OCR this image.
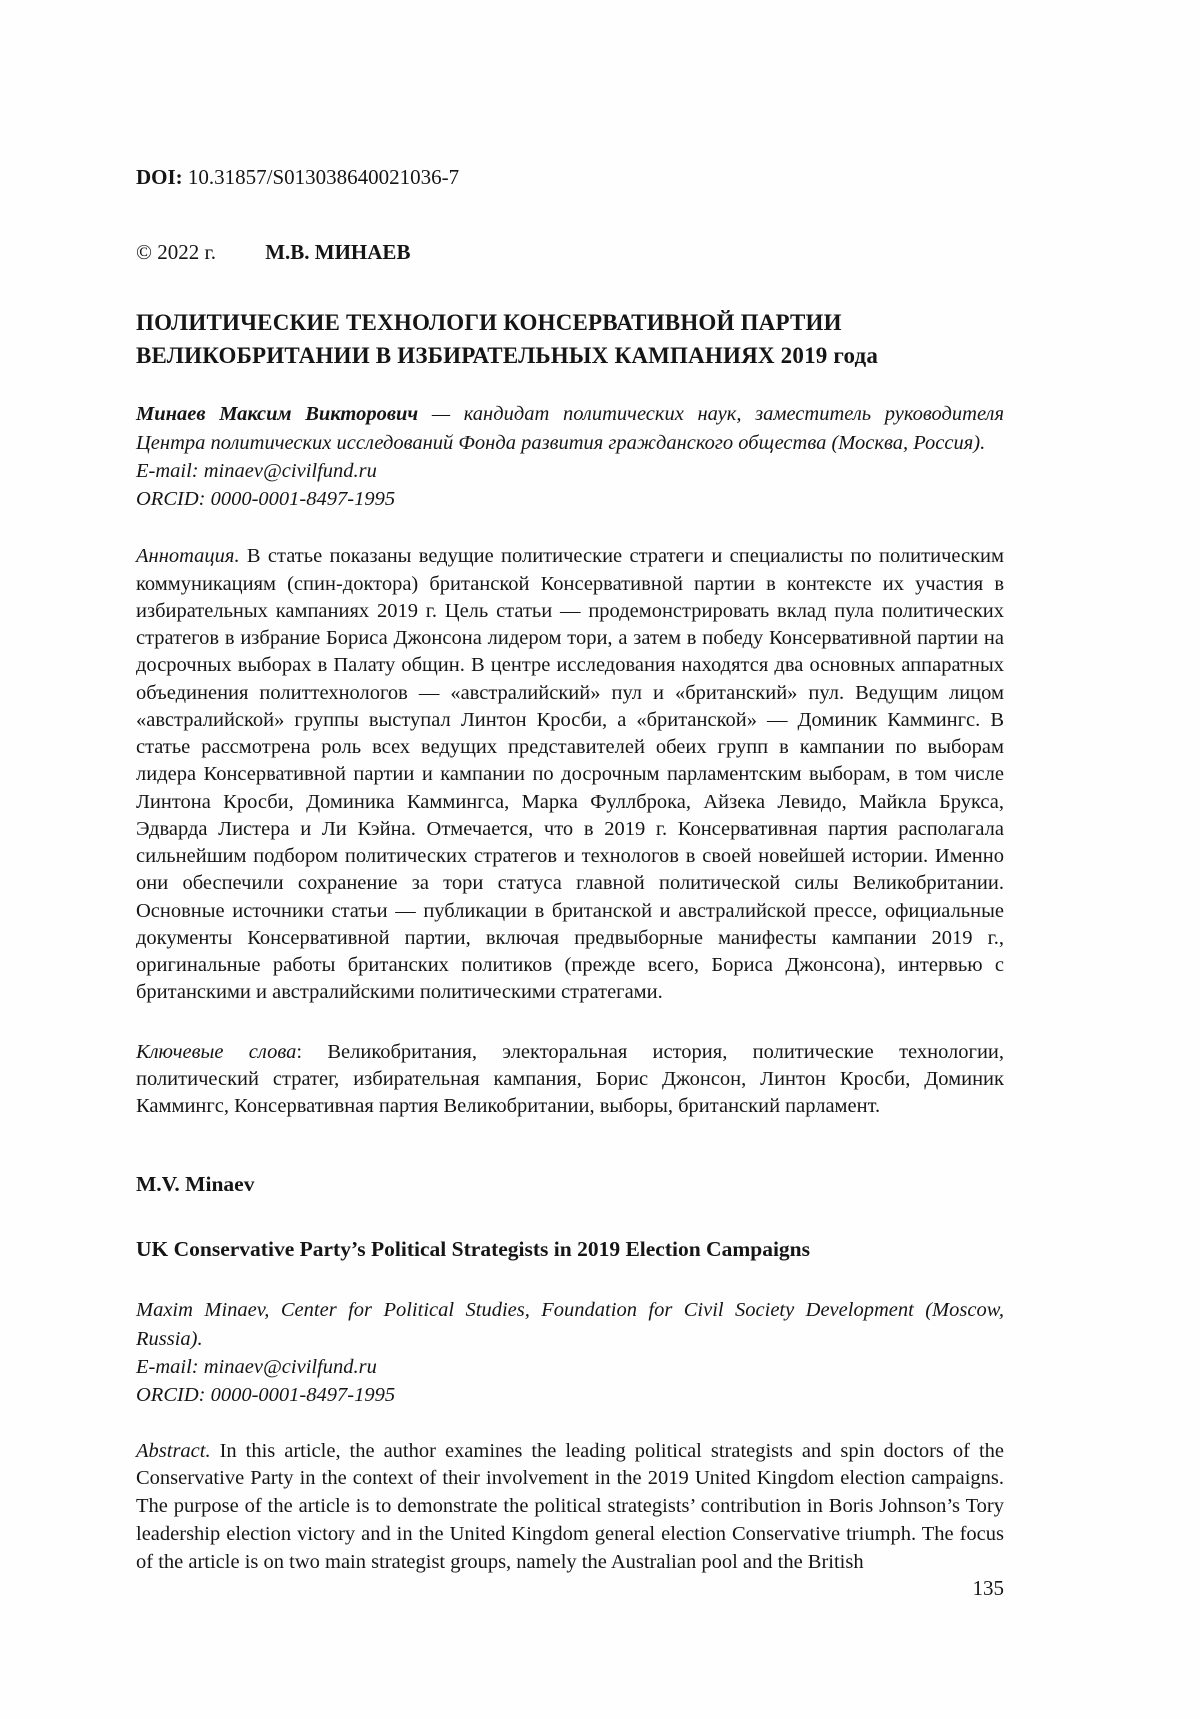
DOI: 10.31857/S013038640021036-7
© 2022 г. М.В. МИНАЕВ
ПОЛИТИЧЕСКИЕ ТЕХНОЛОГИ КОНСЕРВАТИВНОЙ ПАРТИИ ВЕЛИКОБРИТАНИИ В ИЗБИРАТЕЛЬНЫХ КАМПАНИЯХ 2019 года
Минаев Максим Викторович — кандидат политических наук, заместитель руководителя Центра политических исследований Фонда развития гражданского общества (Москва, Россия).
E-mail: minaev@civilfund.ru
ORCID: 0000-0001-8497-1995

Аннотация. В статье показаны ведущие политические стратеги и специалисты по политическим коммуникациям (спин-доктора) британской Консервативной партии в контексте их участия в избирательных кампаниях 2019 г. Цель статьи — продемонстрировать вклад пула политических стратегов в избрание Бориса Джонсона лидером тори, а затем в победу Консервативной партии на досрочных выборах в Палату общин. В центре исследования находятся два основных аппаратных объединения политтехнологов — «австралийский» пул и «британский» пул. Ведущим лицом «австралийской» группы выступал Линтон Кросби, а «британской» — Доминик Каммингс. В статье рассмотрена роль всех ведущих представителей обеих групп в кампании по выборам лидера Консервативной партии и кампании по досрочным парламентским выборам, в том числе Линтона Кросби, Доминика Каммингса, Марка Фуллброка, Айзека Левидо, Майкла Брукса, Эдварда Листера и Ли Кэйна. Отмечается, что в 2019 г. Консервативная партия располагала сильнейшим подбором политических стратегов и технологов в своей новейшей истории. Именно они обеспечили сохранение за тори статуса главной политической силы Великобритании. Основные источники статьи — публикации в британской и австралийской прессе, официальные документы Консервативной партии, включая предвыборные манифесты кампании 2019 г., оригинальные работы британских политиков (прежде всего, Бориса Джонсона), интервью с британскими и австралийскими политическими стратегами.

Ключевые слова: Великобритания, электоральная история, политические технологии, политический стратег, избирательная кампания, Борис Джонсон, Линтон Кросби, Доминик Каммингс, Консервативная партия Великобритании, выборы, британский парламент.

M.V. Minaev
UK Conservative Party’s Political Strategists in 2019 Election Campaigns
Maxim Minaev, Center for Political Studies, Foundation for Civil Society Development (Moscow, Russia).
E-mail: minaev@civilfund.ru
ORCID: 0000-0001-8497-1995

Abstract. In this article, the author examines the leading political strategists and spin doctors of the Conservative Party in the context of their involvement in the 2019 United Kingdom election campaigns. The purpose of the article is to demonstrate the political strategists’ contribution in Boris Johnson’s Tory leadership election victory and in the United Kingdom general election Conservative triumph. The focus of the article is on two main strategist groups, namely the Australian pool and the British

135
